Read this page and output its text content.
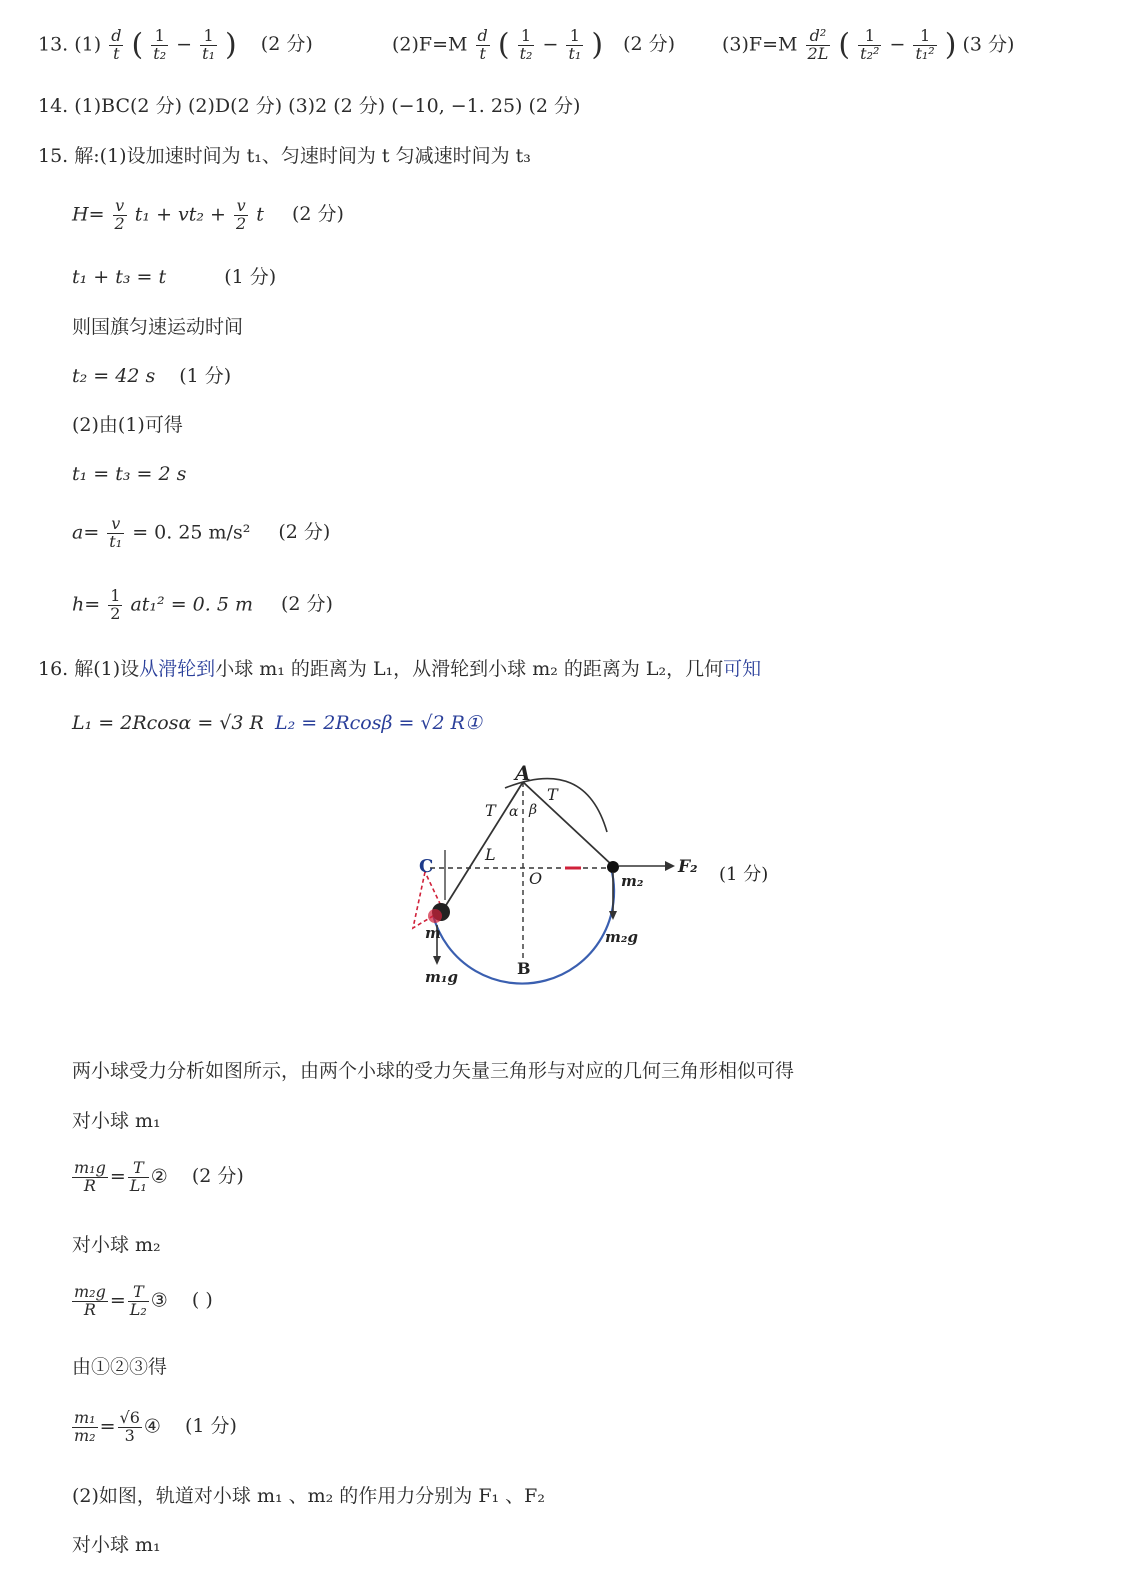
13. $(1) \frac{d}{t}$ ( $\frac{1}{\text{t₂}} - \frac{1}{\text{t₁}}$ ) (2 分)	$(2)F=M \frac{d}{t}$ ( $\frac{1}{\text{t₂}} - \frac{1}{\text{t₁}}$ ) (2 分) $(3)F=M \frac{\text{d²}}{2L}$ ( $\frac{1}{\text{t₂²}} - \frac{1}{\text{t₁²}}$ ) (3 分)
14. (1)BC(2 分) (2)D(2 分) (3)2 (2 分) (−10, −1. 25) (2 分)
15. 解:(1)设加速时间为 t₁、匀速时间为 t 匀减速时间为 t₃
$H= \frac{v}{2} t_1 + vt_2 + \frac{v}{2}$ t (2 分)
t₁ + t₃ = t	(1 分)
则国旗匀速运动时间
t₂ = 42 s (1 分)
(2)由(1)可得
t₁ = t₃ = 2 s
$a= \frac{v}{\text{t₁}} = 0$. 25 m/s² (2 分)
$h= \frac{1}{2} at_1^2 = 0$. 5 m (2 分)
16. 解(1)设从滑轮到小球 m₁ 的距离为 L₁，从滑轮到小球 m₂ 的距离为 L₂，几何可知
L₁ = 2Rcosα = √3 R L₂ = 2Rcosβ = √2 R①
A
α β
T
T
L
C
O
B
m
m₂
m₁g
m₂g
F₂ (1 分)
两小球受力分析如图所示，由两个小球的受力矢量三角形与对应的几何三角形相似可得
对小球 m₁
$\frac{\text{m₁g}}{R} = \frac{T}{\text{L₁}}$ ② (2 分)
对小球 m₂
$\frac{\text{m₂g}}{R} = \frac{T}{\text{L₂}}$ ③ ( )
由①②③得
$\frac{\text{m₁}}{\text{m₂}} = \frac{√6}{3}$ ④ (1 分)
(2)如图，轨道对小球 m₁ 、m₂ 的作用力分别为 F₁ 、F₂
对小球 m₁
